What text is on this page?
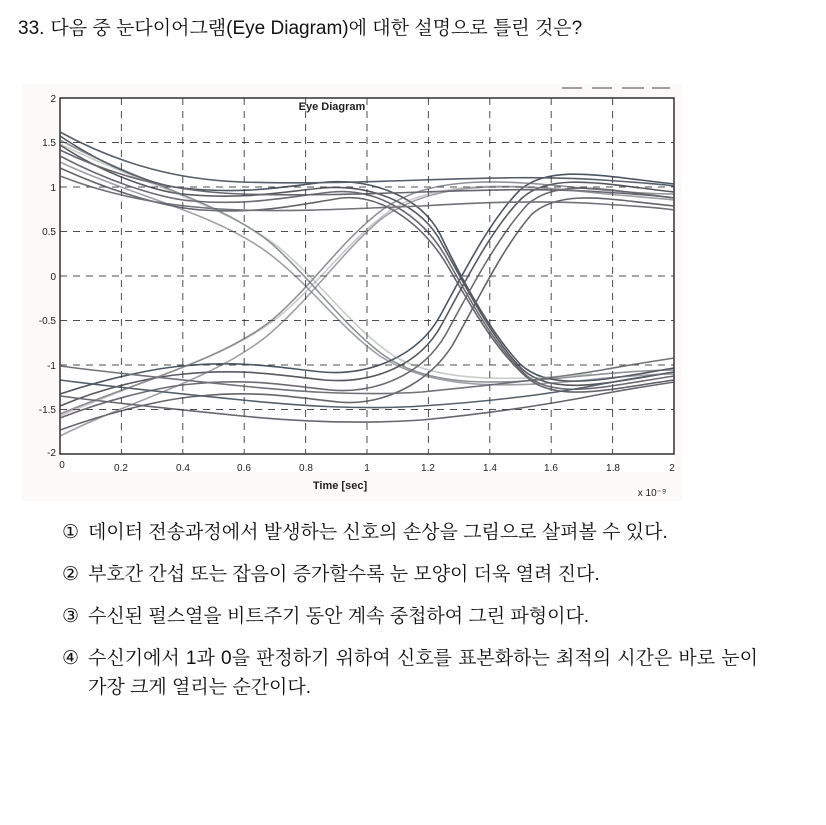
33. 다음 중 눈다이어그램(Eye Diagram)에 대한 설명으로 틀린 것은?
Eye Diagram
2
1.5
1
0.5
0
-0.5
-1
-1.5
-2
0	0.2	0.4	0.6	0.8	1	1.2	1.4	1.6	1.8	2
Time [sec]
x 10⁻⁹
① 데이터 전송과정에서 발생하는 신호의 손상을 그림으로 살펴볼 수 있다.
② 부호간 간섭 또는 잡음이 증가할수록 눈 모양이 더욱 열려 진다.
③ 수신된 펄스열을 비트주기 동안 계속 중첩하여 그린 파형이다.
④ 수신기에서 1과 0을 판정하기 위하여 신호를 표본화하는 최적의 시간은 바로 눈이 가장 크게 열리는 순간이다.
